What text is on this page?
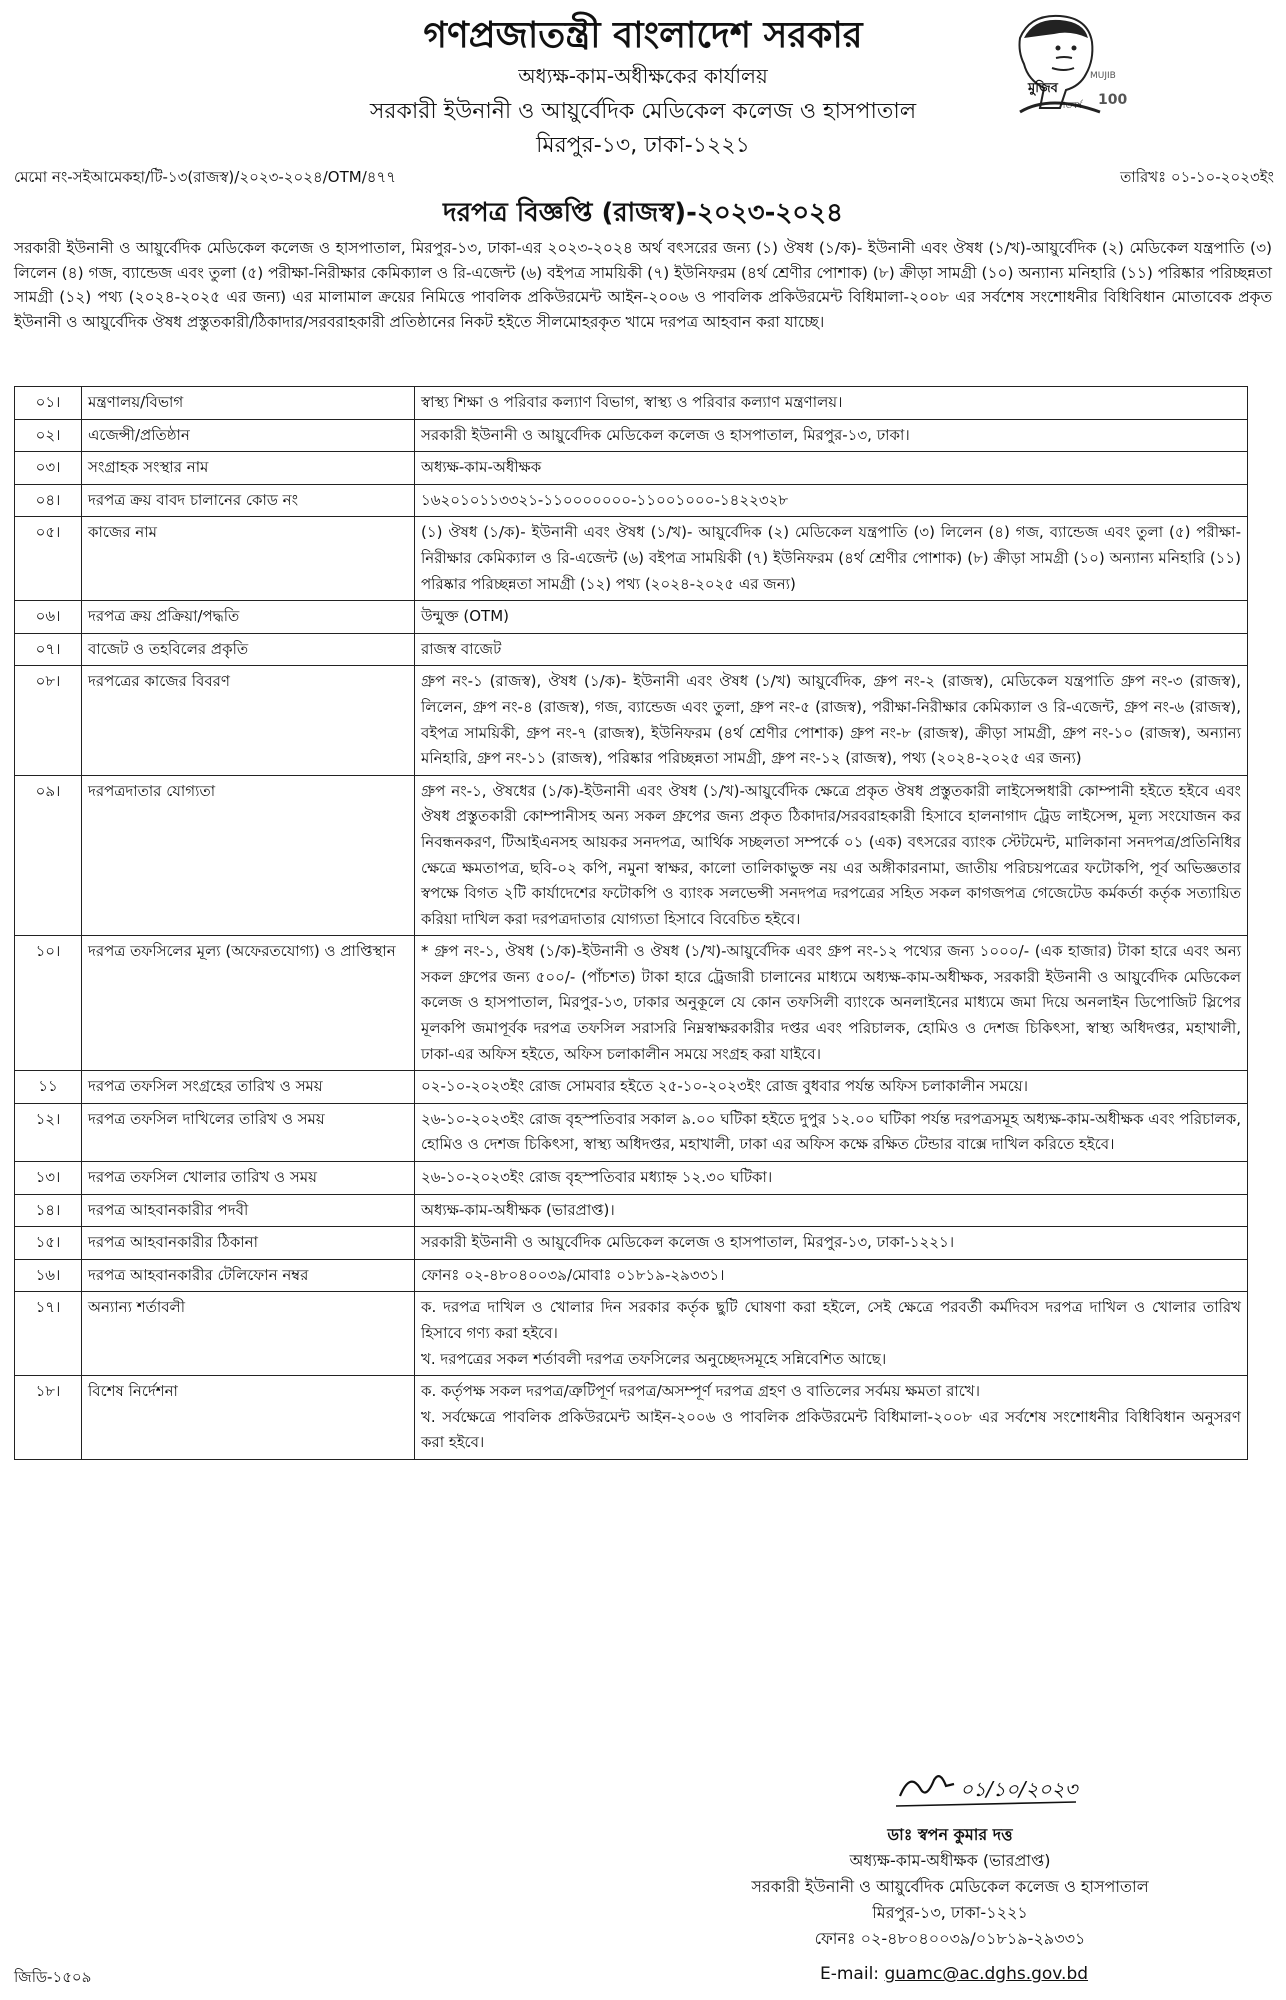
গণপ্রজাতন্ত্রী বাংলাদেশ সরকার
অধ্যক্ষ-কাম-অধীক্ষকের কার্যালয়
সরকারী ইউনানী ও আয়ুর্বেদিক মেডিকেল কলেজ ও হাসপাতাল
মিরপুর-১৩, ঢাকা-১২২১
মুজিব
MUJIB
শতবর্ষ 100
মেমো নং-সইআমেকহা/টি-১৩(রাজস্ব)/২০২৩-২০২৪/OTM/৪৭৭	তারিখঃ ০১-১০-২০২৩ইং
দরপত্র বিজ্ঞপ্তি (রাজস্ব)-২০২৩-২০২৪
সরকারী ইউনানী ও আয়ুর্বেদিক মেডিকেল কলেজ ও হাসপাতাল, মিরপুর-১৩, ঢাকা-এর ২০২৩-২০২৪ অর্থ বৎসরের জন্য (১) ঔষধ (১/ক)- ইউনানী এবং ঔষধ (১/খ)-আয়ুর্বেদিক (২) মেডিকেল যন্ত্রপাতি (৩) লিলেন (৪) গজ, ব্যান্ডেজ এবং তুলা (৫) পরীক্ষা-নিরীক্ষার কেমিক্যাল ও রি-এজেন্ট (৬) বইপত্র সাময়িকী (৭) ইউনিফরম (৪র্থ শ্রেণীর পোশাক) (৮) ক্রীড়া সামগ্রী (১০) অন্যান্য মনিহারি (১১) পরিষ্কার পরিচ্ছন্নতা সামগ্রী (১২) পথ্য (২০২৪-২০২৫ এর জন্য) এর মালামাল ক্রয়ের নিমিত্তে পাবলিক প্রকিউরমেন্ট আইন-২০০৬ ও পাবলিক প্রকিউরমেন্ট বিধিমালা-২০০৮ এর সর্বশেষ সংশোধনীর বিধিবিধান মোতাবেক প্রকৃত ইউনানী ও আয়ুর্বেদিক ঔষধ প্রস্তুতকারী/ঠিকাদার/সরবরাহকারী প্রতিষ্ঠানের নিকট হইতে সীলমোহরকৃত খামে দরপত্র আহবান করা যাচ্ছে।
০১।	মন্ত্রণালয়/বিভাগ	স্বাস্থ্য শিক্ষা ও পরিবার কল্যাণ বিভাগ, স্বাস্থ্য ও পরিবার কল্যাণ মন্ত্রণালয়।
০২।	এজেন্সী/প্রতিষ্ঠান	সরকারী ইউনানী ও আয়ুর্বেদিক মেডিকেল কলেজ ও হাসপাতাল, মিরপুর-১৩, ঢাকা।
০৩।	সংগ্রাহক সংস্থার নাম	অধ্যক্ষ-কাম-অধীক্ষক
০৪।	দরপত্র ক্রয় বাবদ চালানের কোড নং	১৬২০১০১১৩৩২১-১১০০০০০০০-১১০০১০০০-১৪২২৩২৮
০৫।	কাজের নাম	(১) ঔষধ (১/ক)- ইউনানী এবং ঔষধ (১/খ)- আয়ুর্বেদিক (২) মেডিকেল যন্ত্রপাতি (৩) লিলেন (৪) গজ, ব্যান্ডেজ এবং তুলা (৫) পরীক্ষা-নিরীক্ষার কেমিক্যাল ও রি-এজেন্ট (৬) বইপত্র সাময়িকী (৭) ইউনিফরম (৪র্থ শ্রেণীর পোশাক) (৮) ক্রীড়া সামগ্রী (১০) অন্যান্য মনিহারি (১১) পরিষ্কার পরিচ্ছন্নতা সামগ্রী (১২) পথ্য (২০২৪-২০২৫ এর জন্য)
০৬।	দরপত্র ক্রয় প্রক্রিয়া/পদ্ধতি	উন্মুক্ত (OTM)
০৭।	বাজেট ও তহবিলের প্রকৃতি	রাজস্ব বাজেট
০৮।	দরপত্রের কাজের বিবরণ	গ্রুপ নং-১ (রাজস্ব), ঔষধ (১/ক)- ইউনানী এবং ঔষধ (১/খ) আয়ুর্বেদিক, গ্রুপ নং-২ (রাজস্ব), মেডিকেল যন্ত্রপাতি গ্রুপ নং-৩ (রাজস্ব), লিলেন, গ্রুপ নং-৪ (রাজস্ব), গজ, ব্যান্ডেজ এবং তুলা, গ্রুপ নং-৫ (রাজস্ব), পরীক্ষা-নিরীক্ষার কেমিক্যাল ও রি-এজেন্ট, গ্রুপ নং-৬ (রাজস্ব), বইপত্র সাময়িকী, গ্রুপ নং-৭ (রাজস্ব), ইউনিফরম (৪র্থ শ্রেণীর পোশাক) গ্রুপ নং-৮ (রাজস্ব), ক্রীড়া সামগ্রী, গ্রুপ নং-১০ (রাজস্ব), অন্যান্য মনিহারি, গ্রুপ নং-১১ (রাজস্ব), পরিষ্কার পরিচ্ছন্নতা সামগ্রী, গ্রুপ নং-১২ (রাজস্ব), পথ্য (২০২৪-২০২৫ এর জন্য)
০৯।	দরপত্রদাতার যোগ্যতা	গ্রুপ নং-১, ঔষধের (১/ক)-ইউনানী এবং ঔষধ (১/খ)-আয়ুর্বেদিক ক্ষেত্রে প্রকৃত ঔষধ প্রস্তুতকারী লাইসেন্সধারী কোম্পানী হইতে হইবে এবং ঔষধ প্রস্তুতকারী কোম্পানীসহ অন্য সকল গ্রুপের জন্য প্রকৃত ঠিকাদার/সরবরাহকারী হিসাবে হালনাগাদ ট্রেড লাইসেন্স, মূল্য সংযোজন কর নিবন্ধনকরণ, টিআইএনসহ আয়কর সনদপত্র, আর্থিক সচ্ছলতা সম্পর্কে ০১ (এক) বৎসরের ব্যাংক স্টেটমেন্ট, মালিকানা সনদপত্র/প্রতিনিধির ক্ষেত্রে ক্ষমতাপত্র, ছবি-০২ কপি, নমুনা স্বাক্ষর, কালো তালিকাভুক্ত নয় এর অঙ্গীকারনামা, জাতীয় পরিচয়পত্রের ফটোকপি, পূর্ব অভিজ্ঞতার স্বপক্ষে বিগত ২টি কার্যাদেশের ফটোকপি ও ব্যাংক সলভেন্সী সনদপত্র দরপত্রের সহিত সকল কাগজপত্র গেজেটেড কর্মকর্তা কর্তৃক সত্যায়িত করিয়া দাখিল করা দরপত্রদাতার যোগ্যতা হিসাবে বিবেচিত হইবে।
১০।	দরপত্র তফসিলের মূল্য (অফেরতযোগ্য) ও প্রাপ্তিস্থান	* গ্রুপ নং-১, ঔষধ (১/ক)-ইউনানী ও ঔষধ (১/খ)-আয়ুর্বেদিক এবং গ্রুপ নং-১২ পথ্যের জন্য ১০০০/- (এক হাজার) টাকা হারে এবং অন্য সকল গ্রুপের জন্য ৫০০/- (পাঁচশত) টাকা হারে ট্রেজারী চালানের মাধ্যমে অধ্যক্ষ-কাম-অধীক্ষক, সরকারী ইউনানী ও আয়ুর্বেদিক মেডিকেল কলেজ ও হাসপাতাল, মিরপুর-১৩, ঢাকার অনুকূলে যে কোন তফসিলী ব্যাংকে অনলাইনের মাধ্যমে জমা দিয়ে অনলাইন ডিপোজিট স্লিপের মূলকপি জমাপূর্বক দরপত্র তফসিল সরাসরি নিম্নস্বাক্ষরকারীর দপ্তর এবং পরিচালক, হোমিও ও দেশজ চিকিৎসা, স্বাস্থ্য অধিদপ্তর, মহাখালী, ঢাকা-এর অফিস হইতে, অফিস চলাকালীন সময়ে সংগ্রহ করা যাইবে।
১১	দরপত্র তফসিল সংগ্রহের তারিখ ও সময়	০২-১০-২০২৩ইং রোজ সোমবার হইতে ২৫-১০-২০২৩ইং রোজ বুধবার পর্যন্ত অফিস চলাকালীন সময়ে।
১২।	দরপত্র তফসিল দাখিলের তারিখ ও সময়	২৬-১০-২০২৩ইং রোজ বৃহস্পতিবার সকাল ৯.০০ ঘটিকা হইতে দুপুর ১২.০০ ঘটিকা পর্যন্ত দরপত্রসমূহ অধ্যক্ষ-কাম-অধীক্ষক এবং পরিচালক, হোমিও ও দেশজ চিকিৎসা, স্বাস্থ্য অধিদপ্তর, মহাখালী, ঢাকা এর অফিস কক্ষে রক্ষিত টেন্ডার বাক্সে দাখিল করিতে হইবে।
১৩।	দরপত্র তফসিল খোলার তারিখ ও সময়	২৬-১০-২০২৩ইং রোজ বৃহস্পতিবার মধ্যাহ্ন ১২.৩০ ঘটিকা।
১৪।	দরপত্র আহবানকারীর পদবী	অধ্যক্ষ-কাম-অধীক্ষক (ভারপ্রাপ্ত)।
১৫।	দরপত্র আহবানকারীর ঠিকানা	সরকারী ইউনানী ও আয়ুর্বেদিক মেডিকেল কলেজ ও হাসপাতাল, মিরপুর-১৩, ঢাকা-১২২১।
১৬।	দরপত্র আহবানকারীর টেলিফোন নম্বর	ফোনঃ ০২-৪৮০৪০০৩৯/মোবাঃ ০১৮১৯-২৯৩৩১।
১৭।	অন্যান্য শর্তাবলী	ক. দরপত্র দাখিল ও খোলার দিন সরকার কর্তৃক ছুটি ঘোষণা করা হইলে, সেই ক্ষেত্রে পরবর্তী কর্মদিবস দরপত্র দাখিল ও খোলার তারিখ হিসাবে গণ্য করা হইবে।
খ. দরপত্রের সকল শর্তাবলী দরপত্র তফসিলের অনুচ্ছেদসমূহে সন্নিবেশিত আছে।

১৮।	বিশেষ নির্দেশনা	ক. কর্তৃপক্ষ সকল দরপত্র/ত্রুটিপূর্ণ দরপত্র/অসম্পূর্ণ দরপত্র গ্রহণ ও বাতিলের সর্বময় ক্ষমতা রাখে।
খ. সর্বক্ষেত্রে পাবলিক প্রকিউরমেন্ট আইন-২০০৬ ও পাবলিক প্রকিউরমেন্ট বিধিমালা-২০০৮ এর সর্বশেষ সংশোধনীর বিধিবিধান অনুসরণ করা হইবে।
০১/১০/২০২৩
ডাঃ স্বপন কুমার দত্ত
অধ্যক্ষ-কাম-অধীক্ষক (ভারপ্রাপ্ত)
সরকারী ইউনানী ও আয়ুর্বেদিক মেডিকেল কলেজ ও হাসপাতাল
মিরপুর-১৩, ঢাকা-১২২১
ফোনঃ ০২-৪৮০৪০০৩৯/০১৮১৯-২৯৩৩১
জিডি-১৫০৯	E-mail: guamc@ac.dghs.gov.bd
